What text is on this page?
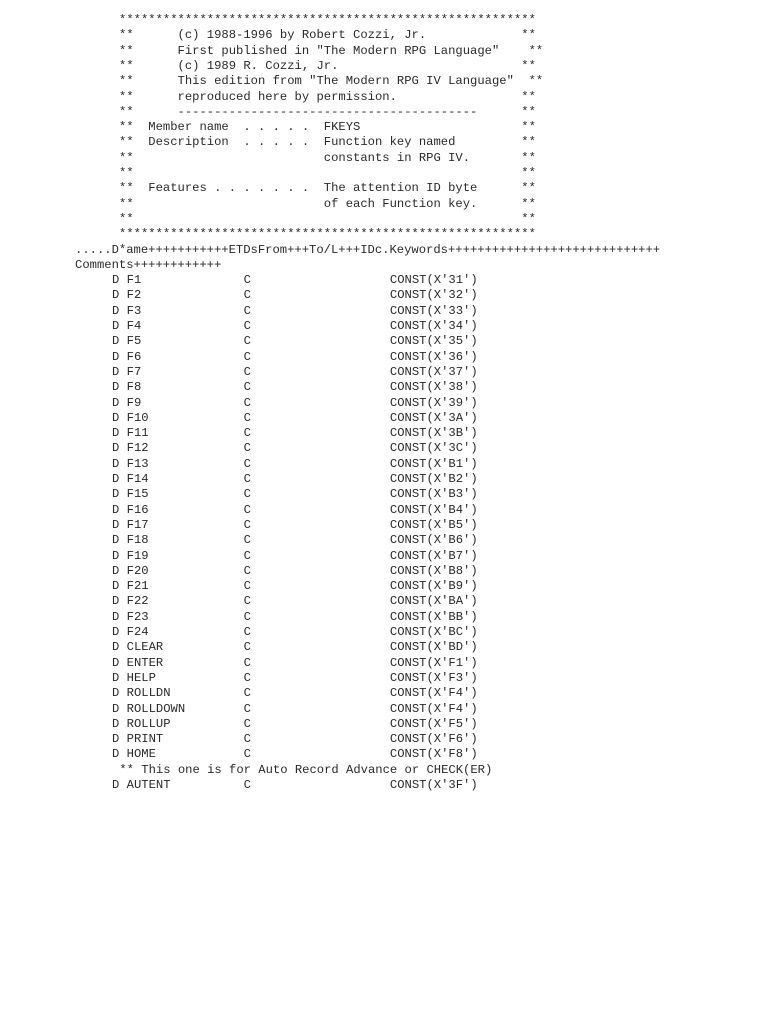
*********************************************************
**      (c) 1988-1996 by Robert Cozzi, Jr.             **
**      First published in "The Modern RPG Language"    **
**      (c) 1989 R. Cozzi, Jr.                         **
**      This edition from "The Modern RPG IV Language"  **
**      reproduced here by permission.                 **
**      -----------------------------------------      **
**  Member name  . . . . .  FKEYS                      **
**  Description  . . . . .  Function key named         **
**                          constants in RPG IV.       **
**                                                     **
**  Features . . . . . . .  The attention ID byte      **
**                          of each Function key.      **
**                                                     **
*********************************************************
.....D*ame+++++++++++ETDsFrom+++To/L+++IDc.Keywords+++++++++++++++++++++++++++++
Comments++++++++++++
D F1              C                   CONST(X'31')
D F2              C                   CONST(X'32')
D F3              C                   CONST(X'33')
D F4              C                   CONST(X'34')
D F5              C                   CONST(X'35')
D F6              C                   CONST(X'36')
D F7              C                   CONST(X'37')
D F8              C                   CONST(X'38')
D F9              C                   CONST(X'39')
D F10             C                   CONST(X'3A')
D F11             C                   CONST(X'3B')
D F12             C                   CONST(X'3C')
D F13             C                   CONST(X'B1')
D F14             C                   CONST(X'B2')
D F15             C                   CONST(X'B3')
D F16             C                   CONST(X'B4')
D F17             C                   CONST(X'B5')
D F18             C                   CONST(X'B6')
D F19             C                   CONST(X'B7')
D F20             C                   CONST(X'B8')
D F21             C                   CONST(X'B9')
D F22             C                   CONST(X'BA')
D F23             C                   CONST(X'BB')
D F24             C                   CONST(X'BC')
D CLEAR           C                   CONST(X'BD')
D ENTER           C                   CONST(X'F1')
D HELP            C                   CONST(X'F3')
D ROLLDN          C                   CONST(X'F4')
D ROLLDOWN        C                   CONST(X'F4')
D ROLLUP          C                   CONST(X'F5')
D PRINT           C                   CONST(X'F6')
D HOME            C                   CONST(X'F8')
** This one is for Auto Record Advance or CHECK(ER)
D AUTENT          C                   CONST(X'3F')
